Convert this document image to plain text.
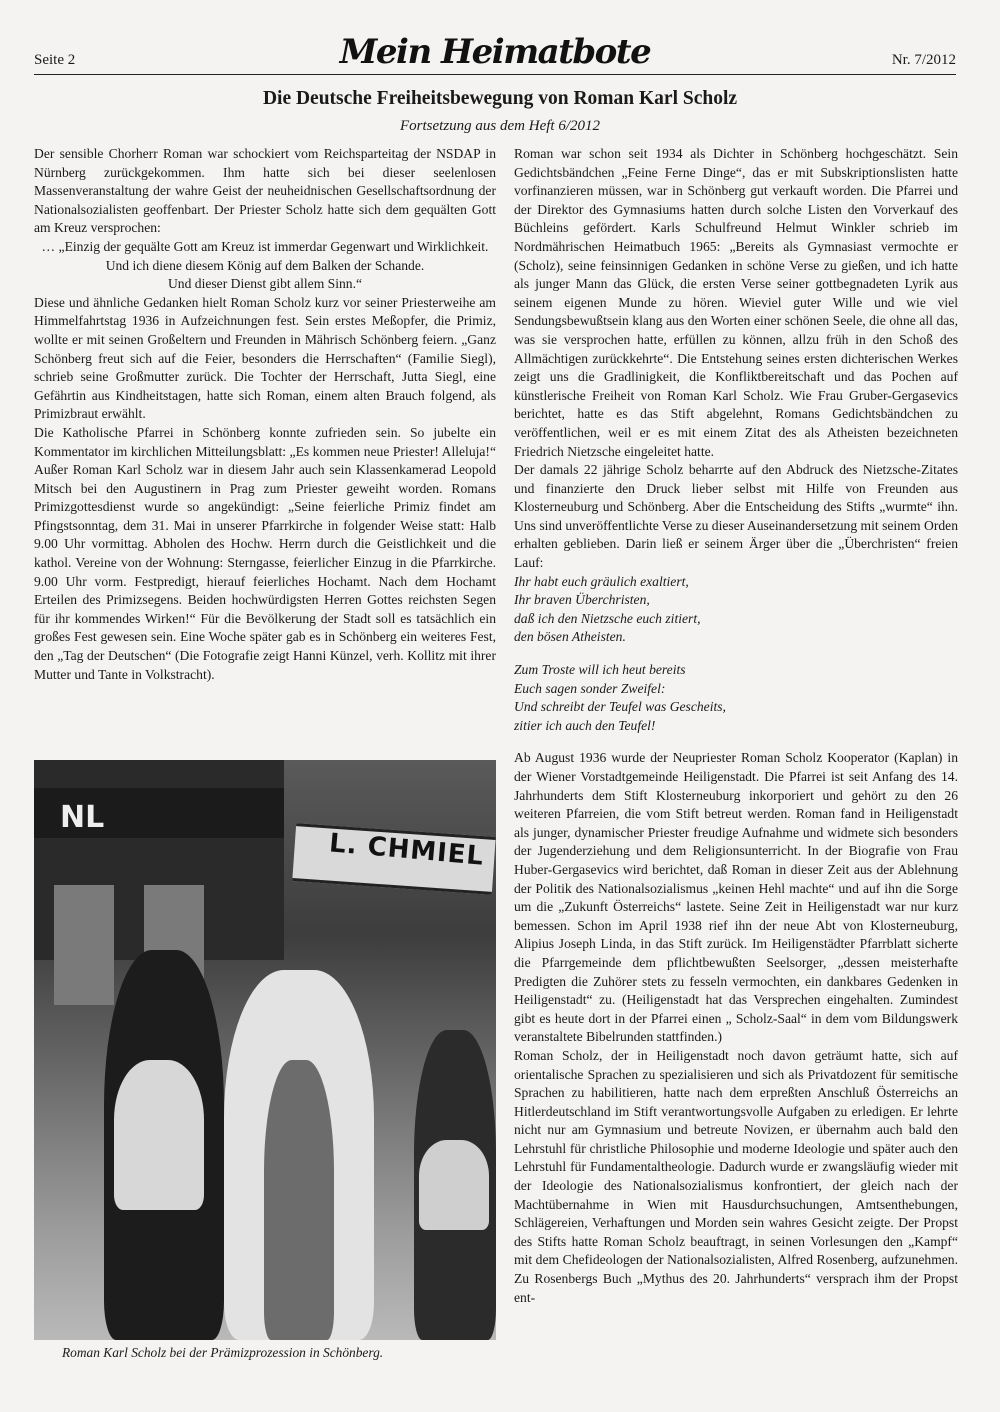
Seite 2	Mein Heimatbote	Nr. 7/2012
Die Deutsche Freiheitsbewegung von Roman Karl Scholz
Fortsetzung aus dem Heft 6/2012

Der sensible Chorherr Roman war schockiert vom Reichsparteitag der NSDAP in Nürnberg zurückgekommen. Ihm hatte sich bei dieser seelenlosen Massenveranstaltung der wahre Geist der neuheidnischen Gesellschaftsordnung der Nationalsozialisten geoffenbart. Der Priester Scholz hatte sich dem gequälten Gott am Kreuz versprochen:

… „Einzig der gequälte Gott am Kreuz ist immerdar Gegenwart und Wirklichkeit.

Und ich diene diesem König auf dem Balken der Schande.

Und dieser Dienst gibt allem Sinn.“

Diese und ähnliche Gedanken hielt Roman Scholz kurz vor seiner Priesterweihe am Himmelfahrtstag 1936 in Aufzeichnungen fest. Sein erstes Meßopfer, die Primiz, wollte er mit seinen Großeltern und Freunden in Mährisch Schönberg feiern. „Ganz Schönberg freut sich auf die Feier, besonders die Herrschaften“ (Familie Siegl), schrieb seine Großmutter zurück. Die Tochter der Herrschaft, Jutta Siegl, eine Gefährtin aus Kindheitstagen, hatte sich Roman, einem alten Brauch folgend, als Primizbraut erwählt.

Die Katholische Pfarrei in Schönberg konnte zufrieden sein. So jubelte ein Kommentator im kirchlichen Mitteilungsblatt: „Es kommen neue Priester! Alleluja!“ Außer Roman Karl Scholz war in diesem Jahr auch sein Klassenkamerad Leopold Mitsch bei den Augustinern in Prag zum Priester geweiht worden. Romans Primizgottesdienst wurde so angekündigt: „Seine feierliche Primiz findet am Pfingstsonntag, dem 31. Mai in unserer Pfarrkirche in folgender Weise statt: Halb 9.00 Uhr vormittag. Abholen des Hochw. Herrn durch die Geistlichkeit und die kathol. Vereine von der Wohnung: Sterngasse, feierlicher Einzug in die Pfarrkirche. 9.00 Uhr vorm. Festpredigt, hierauf feierliches Hochamt. Nach dem Hochamt Erteilen des Primizsegens. Beiden hochwürdigsten Herren Gottes reichsten Segen für ihr kommendes Wirken!“ Für die Bevölkerung der Stadt soll es tatsächlich ein großes Fest gewesen sein. Eine Woche später gab es in Schönberg ein weiteres Fest, den „Tag der Deutschen“ (Die Fotografie zeigt Hanni Künzel, verh. Kollitz mit ihrer Mutter und Tante in Volkstracht).

NL
L. CHMIEL
Roman Karl Scholz bei der Prämizprozession in Schönberg.

Roman war schon seit 1934 als Dichter in Schönberg hochgeschätzt. Sein Gedichtsbändchen „Feine Ferne Dinge“, das er mit Subskriptionslisten hatte vorfinanzieren müssen, war in Schönberg gut verkauft worden. Die Pfarrei und der Direktor des Gymnasiums hatten durch solche Listen den Vorverkauf des Büchleins gefördert. Karls Schulfreund Helmut Winkler schrieb im Nordmährischen Heimatbuch 1965: „Bereits als Gymnasiast vermochte er (Scholz), seine feinsinnigen Gedanken in schöne Verse zu gießen, und ich hatte als junger Mann das Glück, die ersten Verse seiner gottbegnadeten Lyrik aus seinem eigenen Munde zu hören. Wieviel guter Wille und wie viel Sendungsbewußtsein klang aus den Worten einer schönen Seele, die ohne all das, was sie versprochen hatte, erfüllen zu können, allzu früh in den Schoß des Allmächtigen zurückkehrte“. Die Entstehung seines ersten dichterischen Werkes zeigt uns die Gradlinigkeit, die Konfliktbereitschaft und das Pochen auf künstlerische Freiheit von Roman Karl Scholz. Wie Frau Gruber-Gergasevics berichtet, hatte es das Stift abgelehnt, Romans Gedichtsbändchen zu veröffentlichen, weil er es mit einem Zitat des als Atheisten bezeichneten Friedrich Nietzsche eingeleitet hatte.

Der damals 22 jährige Scholz beharrte auf den Abdruck des Nietzsche-Zitates und finanzierte den Druck lieber selbst mit Hilfe von Freunden aus Klosterneuburg und Schönberg. Aber die Entscheidung des Stifts „wurmte“ ihn. Uns sind unveröffentlichte Verse zu dieser Auseinandersetzung mit seinem Orden erhalten geblieben. Darin ließ er seinem Ärger über die „Überchristen“ freien Lauf:

Ihr habt euch gräulich exaltiert,

Ihr braven Überchristen,

daß ich den Nietzsche euch zitiert,

den bösen Atheisten.

Zum Troste will ich heut bereits

Euch sagen sonder Zweifel:

Und schreibt der Teufel was Gescheits,

zitier ich auch den Teufel!

Ab August 1936 wurde der Neupriester Roman Scholz Kooperator (Kaplan) in der Wiener Vorstadtgemeinde Heiligenstadt. Die Pfarrei ist seit Anfang des 14. Jahrhunderts dem Stift Klosterneuburg inkorporiert und gehört zu den 26 weiteren Pfarreien, die vom Stift betreut werden. Roman fand in Heiligenstadt als junger, dynamischer Priester freudige Aufnahme und widmete sich besonders der Jugenderziehung und dem Religionsunterricht. In der Biografie von Frau Huber-Gergasevics wird berichtet, daß Roman in dieser Zeit aus der Ablehnung der Politik des Nationalsozialismus „keinen Hehl machte“ und auf ihn die Sorge um die „Zukunft Österreichs“ lastete. Seine Zeit in Heiligenstadt war nur kurz bemessen. Schon im April 1938 rief ihn der neue Abt von Klosterneuburg, Alipius Joseph Linda, in das Stift zurück. Im Heiligenstädter Pfarrblatt sicherte die Pfarrgemeinde dem pflichtbewußten Seelsorger, „dessen meisterhafte Predigten die Zuhörer stets zu fesseln vermochten, ein dankbares Gedenken in Heiligenstadt“ zu. (Heiligenstadt hat das Versprechen eingehalten. Zumindest gibt es heute dort in der Pfarrei einen „ Scholz-Saal“ in dem vom Bildungswerk veranstaltete Bibelrunden stattfinden.)

Roman Scholz, der in Heiligenstadt noch davon geträumt hatte, sich auf orientalische Sprachen zu spezialisieren und sich als Privatdozent für semitische Sprachen zu habilitieren, hatte nach dem erpreßten Anschluß Österreichs an Hitlerdeutschland im Stift verantwortungsvolle Aufgaben zu erledigen. Er lehrte nicht nur am Gymnasium und betreute Novizen, er übernahm auch bald den Lehrstuhl für christliche Philosophie und moderne Ideologie und später auch den Lehrstuhl für Fundamentaltheologie. Dadurch wurde er zwangsläufig wieder mit der Ideologie des Nationalsozialismus konfrontiert, der gleich nach der Machtübernahme in Wien mit Hausdurchsuchungen, Amtsenthebungen, Schlägereien, Verhaftungen und Morden sein wahres Gesicht zeigte. Der Propst des Stifts hatte Roman Scholz beauftragt, in seinen Vorlesungen den „Kampf“ mit dem Chefideologen der Nationalsozialisten, Alfred Rosenberg, aufzunehmen. Zu Rosenbergs Buch „Mythus des 20. Jahrhunderts“ versprach ihm der Propst ent-
